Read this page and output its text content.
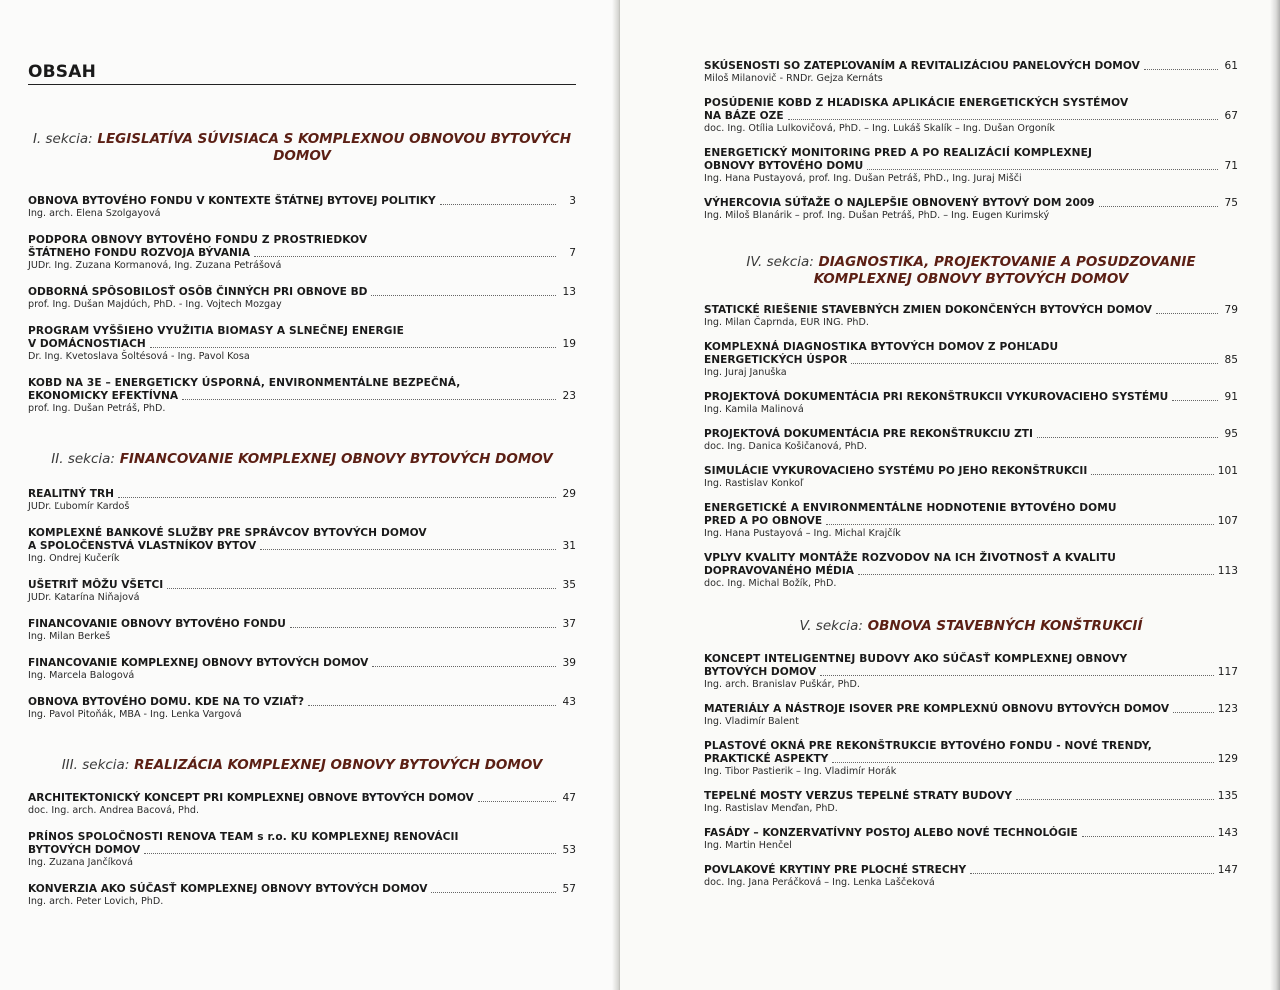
OBSAH
I. sekcia: LEGISLATÍVA SÚVISIACA S KOMPLEXNOU OBNOVOU BYTOVÝCH DOMOV
OBNOVA BYTOVÉHO FONDU V KONTEXTE ŠTÁTNEJ BYTOVEJ POLITIKY	3
Ing. arch. Elena Szolgayová
PODPORA OBNOVY BYTOVÉHO FONDU Z PROSTRIEDKOV
ŠTÁTNEHO FONDU ROZVOJA BÝVANIA	7
JUDr. Ing. Zuzana Kormanová, Ing. Zuzana Petrášová
ODBORNÁ SPÔSOBILOSŤ OSÔB ČINNÝCH PRI OBNOVE BD	13
prof. Ing. Dušan Majdúch, PhD. - Ing. Vojtech Mozgay
PROGRAM VYŠŠIEHO VYUŽITIA BIOMASY A SLNEČNEJ ENERGIE
V DOMÁCNOSTIACH	19
Dr. Ing. Kvetoslava Šoltésová - Ing. Pavol Kosa
KOBD NA 3E – ENERGETICKY ÚSPORNÁ, ENVIRONMENTÁLNE BEZPEČNÁ,
EKONOMICKY EFEKTÍVNA	23
prof. Ing. Dušan Petráš, PhD.
II. sekcia: FINANCOVANIE KOMPLEXNEJ OBNOVY BYTOVÝCH DOMOV
REALITNÝ TRH	29
JUDr. Ľubomír Kardoš
KOMPLEXNÉ BANKOVÉ SLUŽBY PRE SPRÁVCOV BYTOVÝCH DOMOV
A SPOLOČENSTVÁ VLASTNÍKOV BYTOV	31
Ing. Ondrej Kučerík
UŠETRIŤ MÔŽU VŠETCI	35
JUDr. Katarína Niňajová
FINANCOVANIE OBNOVY BYTOVÉHO FONDU	37
Ing. Milan Berkeš
FINANCOVANIE KOMPLEXNEJ OBNOVY BYTOVÝCH DOMOV	39
Ing. Marcela Balogová
OBNOVA BYTOVÉHO DOMU. KDE NA TO VZIAŤ?	43
Ing. Pavol Pitoňák, MBA - Ing. Lenka Vargová
III. sekcia: REALIZÁCIA KOMPLEXNEJ OBNOVY BYTOVÝCH DOMOV
ARCHITEKTONICKÝ KONCEPT PRI KOMPLEXNEJ OBNOVE BYTOVÝCH DOMOV	47
doc. Ing. arch. Andrea Bacová, Phd.
PRÍNOS SPOLOČNOSTI RENOVA TEAM s r.o. KU KOMPLEXNEJ RENOVÁCII
BYTOVÝCH DOMOV	53
Ing. Zuzana Jančíková
KONVERZIA AKO SÚČASŤ KOMPLEXNEJ OBNOVY BYTOVÝCH DOMOV	57
Ing. arch. Peter Lovich, PhD.
SKÚSENOSTI SO ZATEPĽOVANÍM A REVITALIZÁCIOU PANELOVÝCH DOMOV	61
Miloš Milanovič - RNDr. Gejza Kernáts
POSÚDENIE KOBD Z HĽADISKA APLIKÁCIE ENERGETICKÝCH SYSTÉMOV
NA BÁZE OZE	67
doc. Ing. Otília Lulkovičová, PhD. – Ing. Lukáš Skalík – Ing. Dušan Orgoník
ENERGETICKÝ MONITORING PRED A PO REALIZÁCIÍ KOMPLEXNEJ
OBNOVY BYTOVÉHO DOMU	71
Ing. Hana Pustayová, prof. Ing. Dušan Petráš, PhD., Ing. Juraj Mišči
VÝHERCOVIA SÚŤAŽE O NAJLEPŠIE OBNOVENÝ BYTOVÝ DOM 2009	75
Ing. Miloš Blanárik – prof. Ing. Dušan Petráš, PhD. – Ing. Eugen Kurimský
IV. sekcia: DIAGNOSTIKA, PROJEKTOVANIE A POSUDZOVANIE KOMPLEXNEJ OBNOVY BYTOVÝCH DOMOV
STATICKÉ RIEŠENIE STAVEBNÝCH ZMIEN DOKONČENÝCH BYTOVÝCH DOMOV	79
Ing. Milan Čaprnda, EUR ING. PhD.
KOMPLEXNÁ DIAGNOSTIKA BYTOVÝCH DOMOV Z POHĽADU
ENERGETICKÝCH ÚSPOR	85
Ing. Juraj Januška
PROJEKTOVÁ DOKUMENTÁCIA PRI REKONŠTRUKCII VYKUROVACIEHO SYSTÉMU	91
Ing. Kamila Malinová
PROJEKTOVÁ DOKUMENTÁCIA PRE REKONŠTRUKCIU ZTI	95
doc. Ing. Danica Košičanová, PhD.
SIMULÁCIE VYKUROVACIEHO SYSTÉMU PO JEHO REKONŠTRUKCII	101
Ing. Rastislav Konkoľ
ENERGETICKÉ A ENVIRONMENTÁLNE HODNOTENIE BYTOVÉHO DOMU
PRED A PO OBNOVE	107
Ing. Hana Pustayová – Ing. Michal Krajčík
VPLYV KVALITY MONTÁŽE ROZVODOV NA ICH ŽIVOTNOSŤ A KVALITU
DOPRAVOVANÉHO MÉDIA	113
doc. Ing. Michal Božík, PhD.
V. sekcia: OBNOVA STAVEBNÝCH KONŠTRUKCIÍ
KONCEPT INTELIGENTNEJ BUDOVY AKO SÚČASŤ KOMPLEXNEJ OBNOVY
BYTOVÝCH DOMOV	117
Ing. arch. Branislav Puškár, PhD.
MATERIÁLY A NÁSTROJE ISOVER PRE KOMPLEXNÚ OBNOVU BYTOVÝCH DOMOV	123
Ing. Vladimír Balent
PLASTOVÉ OKNÁ PRE REKONŠTRUKCIE BYTOVÉHO FONDU - NOVÉ TRENDY,
PRAKTICKÉ ASPEKTY	129
Ing. Tibor Pastierik – Ing. Vladimír Horák
TEPELNÉ MOSTY VERZUS TEPELNÉ STRATY BUDOVY	135
Ing. Rastislav Menďan, PhD.
FASÁDY – KONZERVATÍVNY POSTOJ ALEBO NOVÉ TECHNOLÓGIE	143
Ing. Martin Henčel
POVLAKOVÉ KRYTINY PRE PLOCHÉ STRECHY	147
doc. Ing. Jana Peráčková – Ing. Lenka Laščeková
